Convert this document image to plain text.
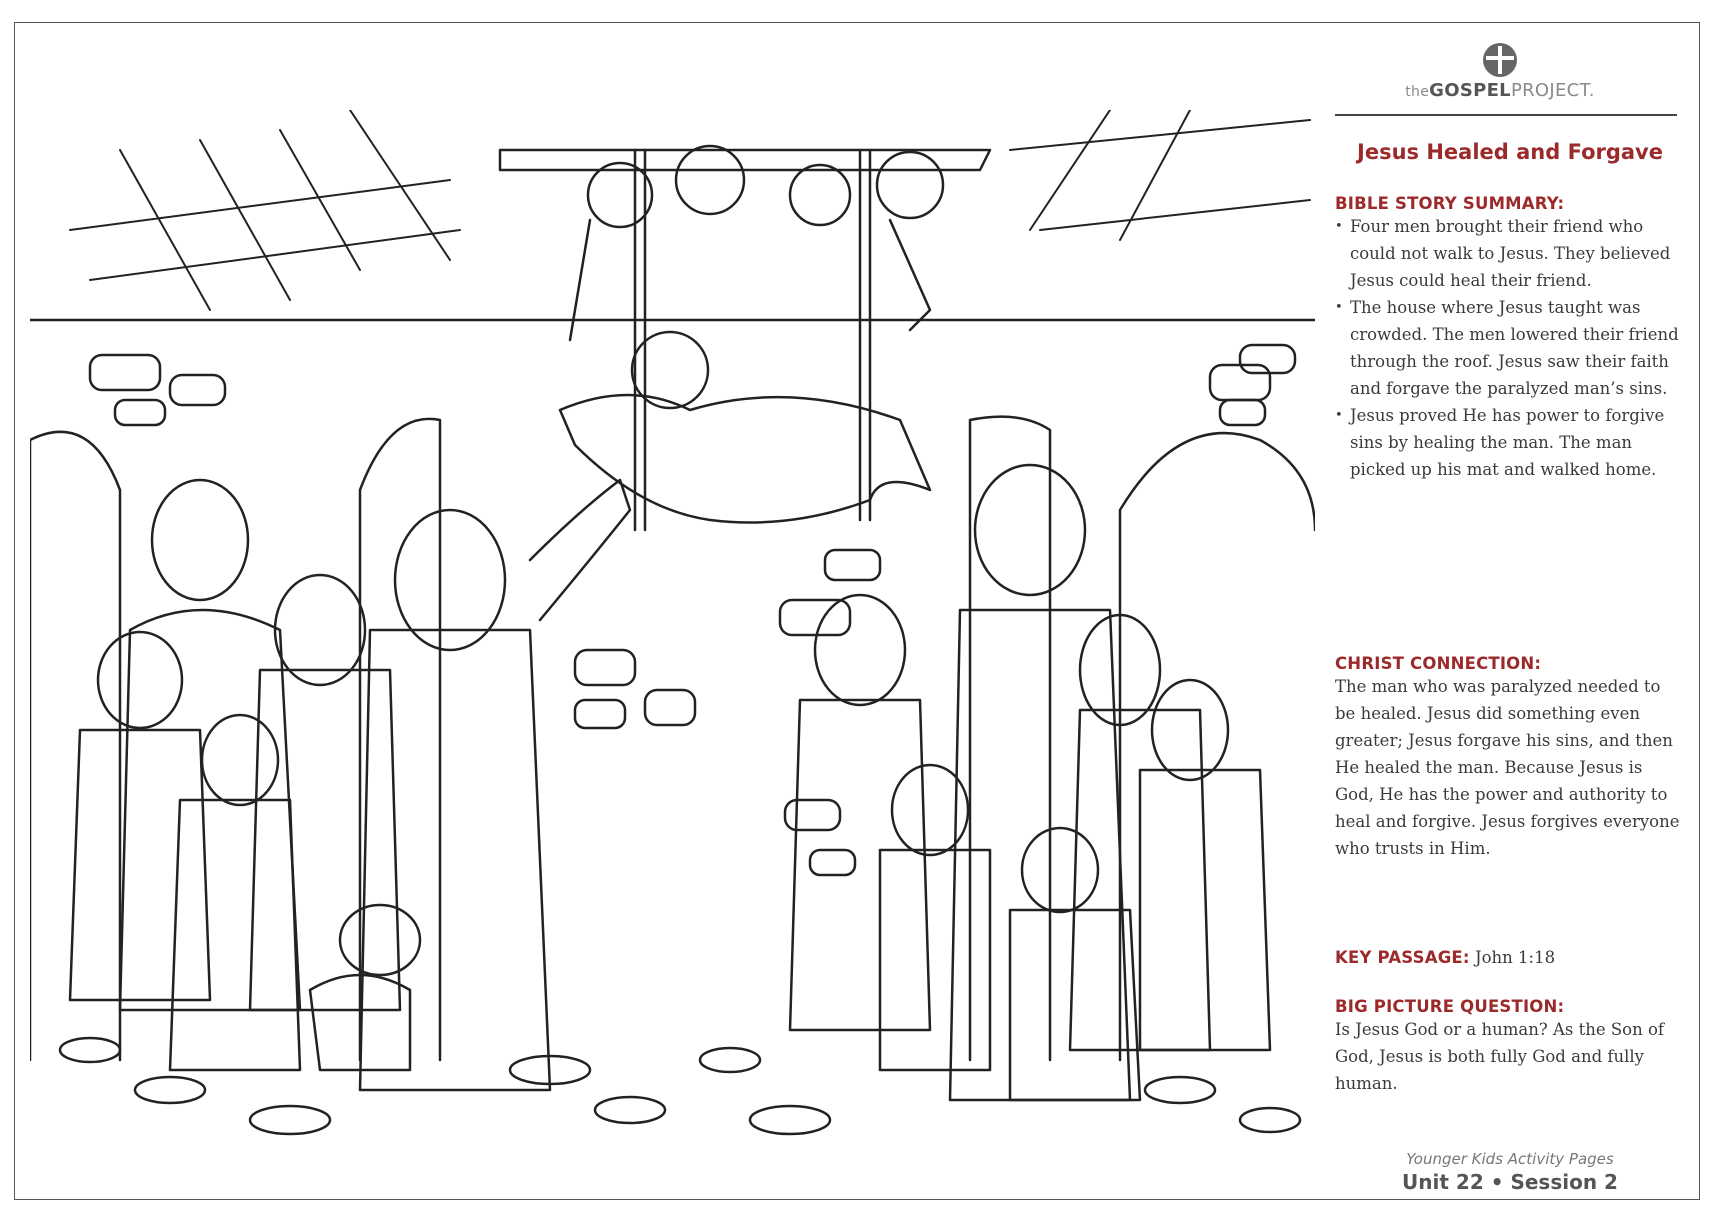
theGOSPELPROJECT.
Jesus Healed and Forgave

BIBLE STORY SUMMARY:

• Four men brought their friend who could not walk to Jesus. They believed Jesus could heal their friend.
• The house where Jesus taught was crowded. The men lowered their friend through the roof. Jesus saw their faith and forgave the paralyzed man’s sins.
• Jesus proved He has power to forgive sins by healing the man. The man picked up his mat and walked home.

CHRIST CONNECTION:

The man who was paralyzed needed to be healed. Jesus did something even greater; Jesus forgave his sins, and then He healed the man. Because Jesus is God, He has the power and authority to heal and forgive. Jesus forgives everyone who trusts in Him.

KEY PASSAGE: John 1:18

BIG PICTURE QUESTION:

Is Jesus God or a human? As the Son of God, Jesus is both fully God and fully human.

Younger Kids Activity Pages
Unit 22 • Session 2
